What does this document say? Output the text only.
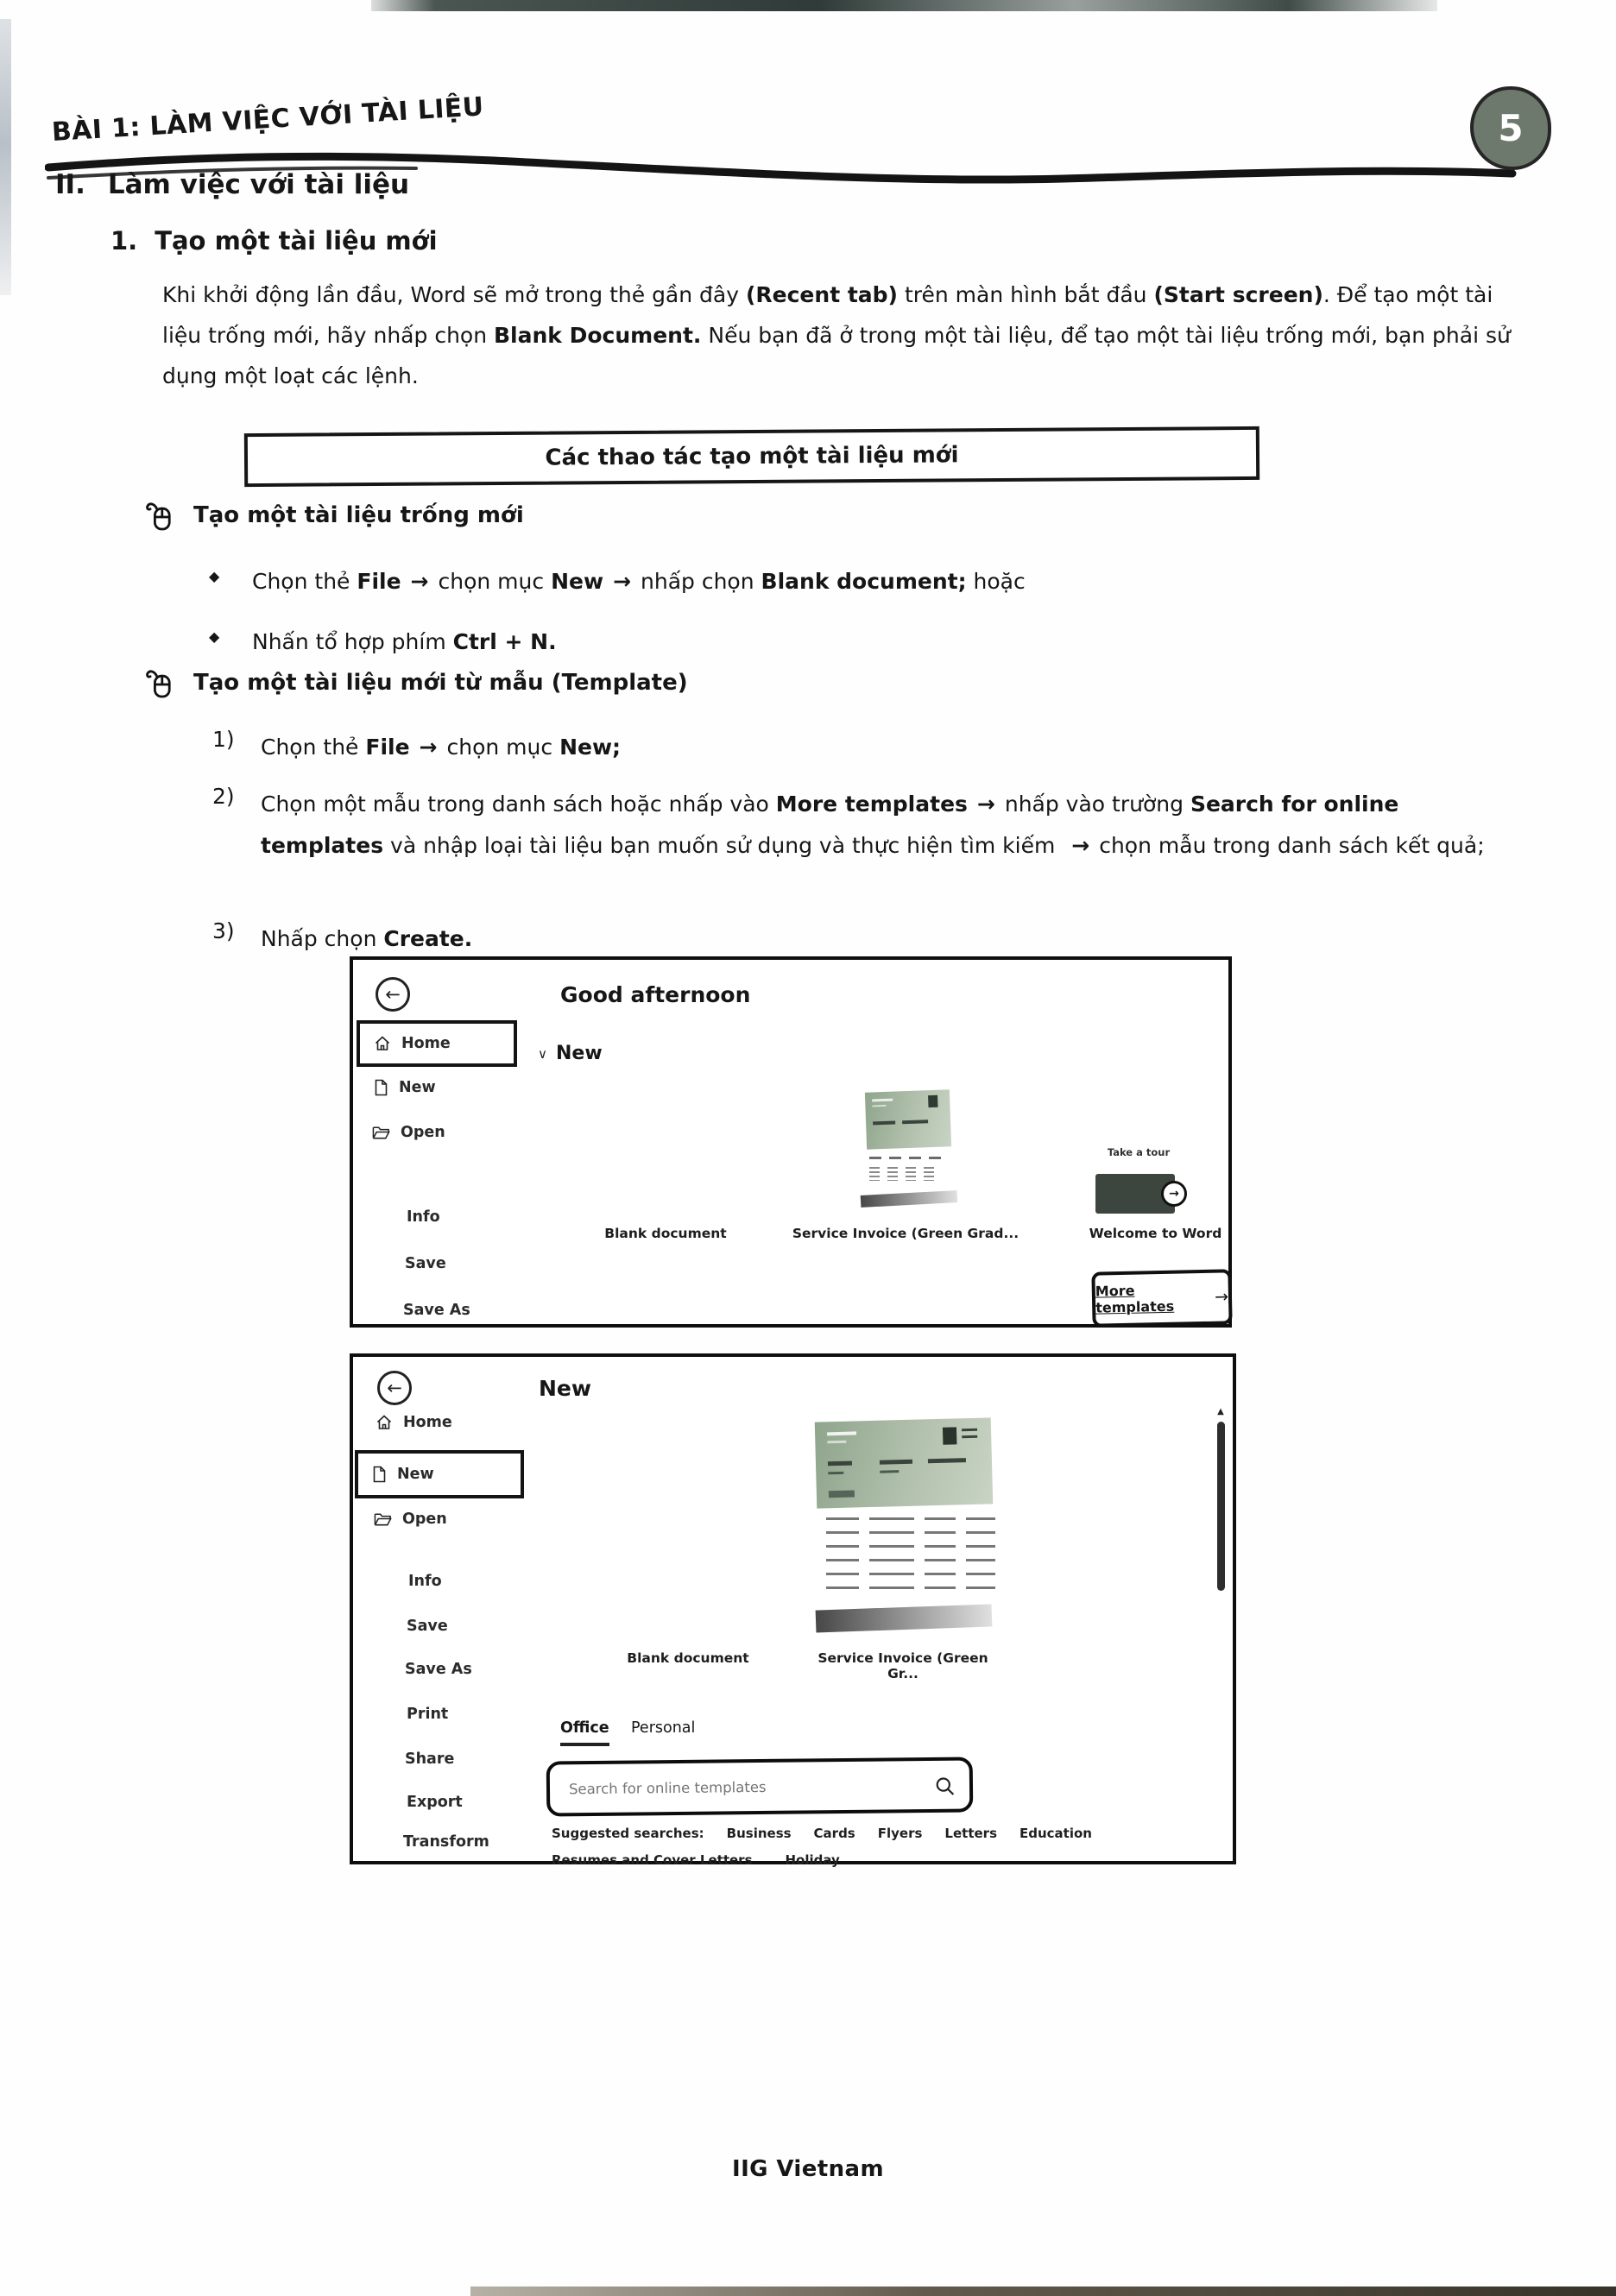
BÀI 1: LÀM VIỆC VỚI TÀI LIỆU	5
II. Làm việc với tài liệu
1. Tạo một tài liệu mới
Khi khởi động lần đầu, Word sẽ mở trong thẻ gần đây (Recent tab) trên màn hình bắt đầu (Start screen). Để tạo một tài liệu trống mới, hãy nhấp chọn Blank Document. Nếu bạn đã ở trong một tài liệu, để tạo một tài liệu trống mới, bạn phải sử dụng một loạt các lệnh.
Các thao tác tạo một tài liệu mới
Tạo một tài liệu trống mới
◆ Chọn thẻ File → chọn mục New → nhấp chọn Blank document; hoặc
◆ Nhấn tổ hợp phím Ctrl + N.
Tạo một tài liệu mới từ mẫu (Template)
1) Chọn thẻ File → chọn mục New;
2) Chọn một mẫu trong danh sách hoặc nhấp vào More templates → nhấp vào trường Search for online templates và nhập loại tài liệu bạn muốn sử dụng và thực hiện tìm kiếm → chọn mẫu trong danh sách kết quả;
3) Nhấp chọn Create.
←	Good afternoon
Home
∨ New
New
Open
Info
Save
Save As
Take a tour
→
Blank document	Service Invoice (Green Grad...	Welcome to Word
More templates
→
←	New
Home
New
Open
Info
Save
Save As
Print
Share
Export
Transform
Blank document	Service Invoice (Green Gr...
Office Personal
Search for online templates
Suggested searches: Business Cards Flyers Letters Education
Resumes and Cover Letters	Holiday
▲
IIG Vietnam
